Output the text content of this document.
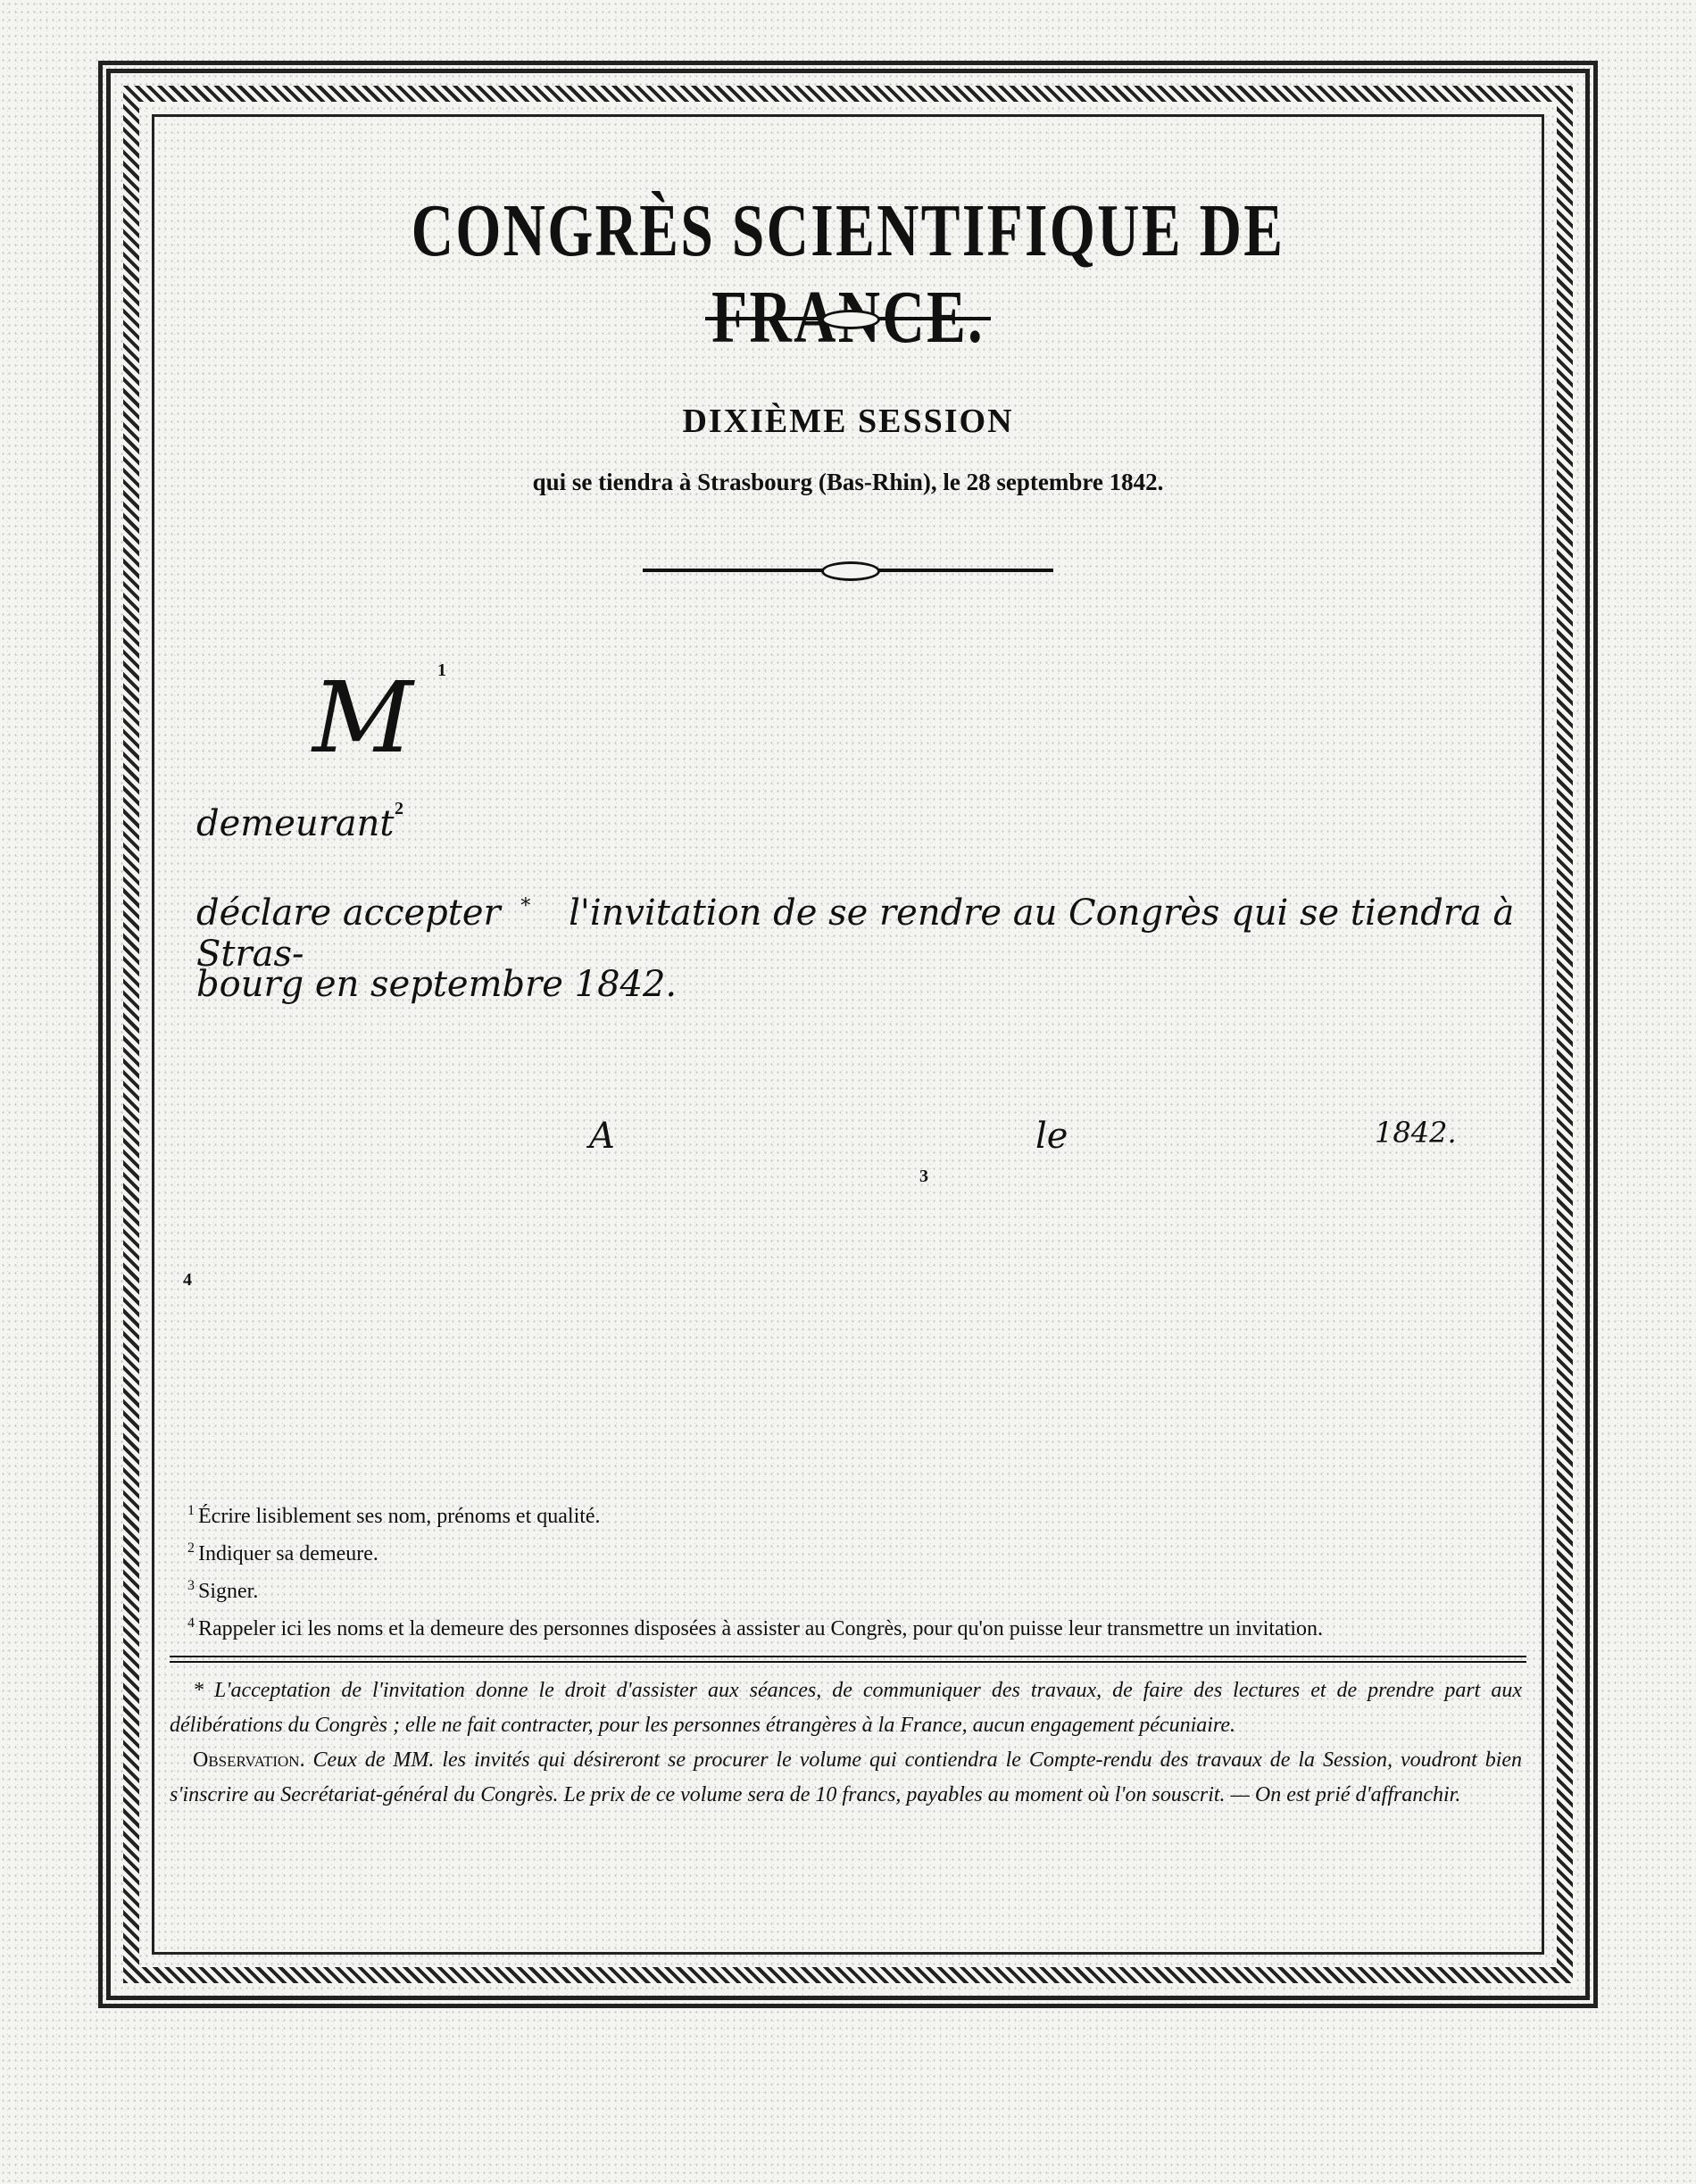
CONGRÈS SCIENTIFIQUE DE
DIXIÈME SESSION
qui se tiendra à Strasbourg (Bas-Rhin), le 28 septembre 1842.
M 1
demeurant 2
déclare accepter * l'invitation de se rendre au Congrès qui se tiendra à Stras-
bourg en septembre 1842.
A	le	1842.
3
4
$^1$ Écrire lisiblement ses nom, prénoms et qualité.
$^2$ Indiquer sa demeure.
$^3$ Signer.
$^4$ Rappeler ici les noms et la demeure des personnes disposées à assister au Congrès, pour qu'on puisse leur transmettre un invitation.

* L'acceptation de l'invitation donne le droit d'assister aux séances, de communiquer des travaux, de faire des lectures et de prendre part aux délibérations du Congrès ; elle ne fait contracter, pour les personnes étrangères à la France, aucun engagement pécuniaire.

Observation. Ceux de MM. les invités qui désireront se procurer le volume qui contiendra le Compte-rendu des travaux de la Session, voudront bien s'inscrire au Secrétariat-général du Congrès. Le prix de ce volume sera de 10 francs, payables au moment où l'on souscrit. — On est prié d'affranchir.
